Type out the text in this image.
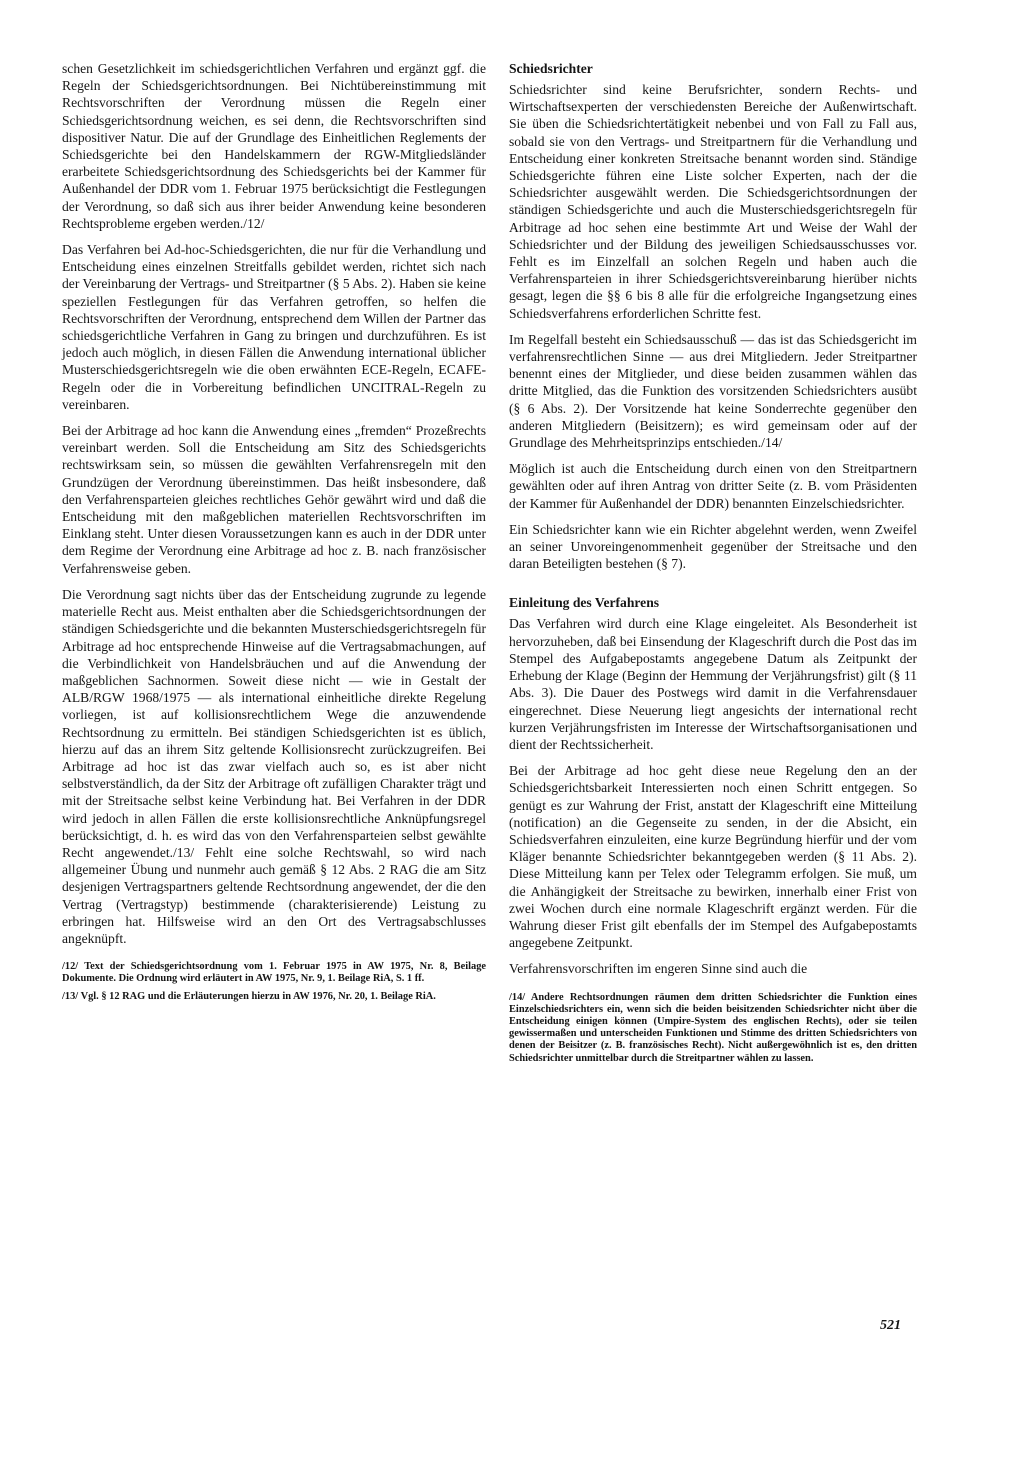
schen Gesetzlichkeit im schiedsgerichtlichen Verfahren und ergänzt ggf. die Regeln der Schiedsgerichtsordnungen. Bei Nichtübereinstimmung mit Rechtsvorschriften der Verordnung müssen die Regeln einer Schiedsgerichtsordnung weichen, es sei denn, die Rechtsvorschriften sind dispositiver Natur. Die auf der Grundlage des Einheitlichen Reglements der Schiedsgerichte bei den Handelskammern der RGW-Mitgliedsländer erarbeitete Schiedsgerichtsordnung des Schiedsgerichts bei der Kammer für Außenhandel der DDR vom 1. Februar 1975 berücksichtigt die Festlegungen der Verordnung, so daß sich aus ihrer beider Anwendung keine besonderen Rechtsprobleme ergeben werden./12/

Das Verfahren bei Ad-hoc-Schiedsgerichten, die nur für die Verhandlung und Entscheidung eines einzelnen Streitfalls gebildet werden, richtet sich nach der Vereinbarung der Vertrags- und Streitpartner (§ 5 Abs. 2). Haben sie keine speziellen Festlegungen für das Verfahren getroffen, so helfen die Rechtsvorschriften der Verordnung, entsprechend dem Willen der Partner das schiedsgerichtliche Verfahren in Gang zu bringen und durchzuführen. Es ist jedoch auch möglich, in diesen Fällen die Anwendung international üblicher Musterschiedsgerichtsregeln wie die oben erwähnten ECE-Regeln, ECAFE-Regeln oder die in Vorbereitung befindlichen UNCITRAL-Regeln zu vereinbaren.

Bei der Arbitrage ad hoc kann die Anwendung eines „fremden“ Prozeßrechts vereinbart werden. Soll die Entscheidung am Sitz des Schiedsgerichts rechtswirksam sein, so müssen die gewählten Verfahrensregeln mit den Grundzügen der Verordnung übereinstimmen. Das heißt insbesondere, daß den Verfahrensparteien gleiches rechtliches Gehör gewährt wird und daß die Entscheidung mit den maßgeblichen materiellen Rechtsvorschriften im Einklang steht. Unter diesen Voraussetzungen kann es auch in der DDR unter dem Regime der Verordnung eine Arbitrage ad hoc z. B. nach französischer Verfahrensweise geben.

Die Verordnung sagt nichts über das der Entscheidung zugrunde zu legende materielle Recht aus. Meist enthalten aber die Schiedsgerichtsordnungen der ständigen Schiedsgerichte und die bekannten Musterschiedsgerichtsregeln für Arbitrage ad hoc entsprechende Hinweise auf die Vertragsabmachungen, auf die Verbindlichkeit von Handelsbräuchen und auf die Anwendung der maßgeblichen Sachnormen. Soweit diese nicht — wie in Gestalt der ALB/RGW 1968/1975 — als international einheitliche direkte Regelung vorliegen, ist auf kollisionsrechtlichem Wege die anzuwendende Rechtsordnung zu ermitteln. Bei ständigen Schiedsgerichten ist es üblich, hierzu auf das an ihrem Sitz geltende Kollisionsrecht zurückzugreifen. Bei Arbitrage ad hoc ist das zwar vielfach auch so, es ist aber nicht selbstverständlich, da der Sitz der Arbitrage oft zufälligen Charakter trägt und mit der Streitsache selbst keine Verbindung hat. Bei Verfahren in der DDR wird jedoch in allen Fällen die erste kollisionsrechtliche Anknüpfungsregel berücksichtigt, d. h. es wird das von den Verfahrensparteien selbst gewählte Recht angewendet./13/ Fehlt eine solche Rechtswahl, so wird nach allgemeiner Übung und nunmehr auch gemäß § 12 Abs. 2 RAG die am Sitz desjenigen Vertragspartners geltende Rechtsordnung angewendet, der die den Vertrag (Vertragstyp) bestimmende (charakterisierende) Leistung zu erbringen hat. Hilfsweise wird an den Ort des Vertragsabschlusses angeknüpft.

/12/ Text der Schiedsgerichtsordnung vom 1. Februar 1975 in AW 1975, Nr. 8, Beilage Dokumente. Die Ordnung wird erläutert in AW 1975, Nr. 9, 1. Beilage RiA, S. 1 ff.

/13/ Vgl. § 12 RAG und die Erläuterungen hierzu in AW 1976, Nr. 20, 1. Beilage RiA.

Schiedsrichter

Schiedsrichter sind keine Berufsrichter, sondern Rechts- und Wirtschaftsexperten der verschiedensten Bereiche der Außenwirtschaft. Sie üben die Schiedsrichtertätigkeit nebenbei und von Fall zu Fall aus, sobald sie von den Vertrags- und Streitpartnern für die Verhandlung und Entscheidung einer konkreten Streitsache benannt worden sind. Ständige Schiedsgerichte führen eine Liste solcher Experten, nach der die Schiedsrichter ausgewählt werden. Die Schiedsgerichtsordnungen der ständigen Schiedsgerichte und auch die Musterschiedsgerichtsregeln für Arbitrage ad hoc sehen eine bestimmte Art und Weise der Wahl der Schiedsrichter und der Bildung des jeweiligen Schiedsausschusses vor. Fehlt es im Einzelfall an solchen Regeln und haben auch die Verfahrensparteien in ihrer Schiedsgerichtsvereinbarung hierüber nichts gesagt, legen die §§ 6 bis 8 alle für die erfolgreiche Ingangsetzung eines Schiedsverfahrens erforderlichen Schritte fest.

Im Regelfall besteht ein Schiedsausschuß — das ist das Schiedsgericht im verfahrensrechtlichen Sinne — aus drei Mitgliedern. Jeder Streitpartner benennt eines der Mitglieder, und diese beiden zusammen wählen das dritte Mitglied, das die Funktion des vorsitzenden Schiedsrichters ausübt (§ 6 Abs. 2). Der Vorsitzende hat keine Sonderrechte gegenüber den anderen Mitgliedern (Beisitzern); es wird gemeinsam oder auf der Grundlage des Mehrheitsprinzips entschieden./14/

Möglich ist auch die Entscheidung durch einen von den Streitpartnern gewählten oder auf ihren Antrag von dritter Seite (z. B. vom Präsidenten der Kammer für Außenhandel der DDR) benannten Einzelschiedsrichter.

Ein Schiedsrichter kann wie ein Richter abgelehnt werden, wenn Zweifel an seiner Unvoreingenommenheit gegenüber der Streitsache und den daran Beteiligten bestehen (§ 7).

Einleitung des Verfahrens

Das Verfahren wird durch eine Klage eingeleitet. Als Besonderheit ist hervorzuheben, daß bei Einsendung der Klageschrift durch die Post das im Stempel des Aufgabepostamts angegebene Datum als Zeitpunkt der Erhebung der Klage (Beginn der Hemmung der Verjährungsfrist) gilt (§ 11 Abs. 3). Die Dauer des Postwegs wird damit in die Verfahrensdauer eingerechnet. Diese Neuerung liegt angesichts der international recht kurzen Verjährungsfristen im Interesse der Wirtschaftsorganisationen und dient der Rechtssicherheit.

Bei der Arbitrage ad hoc geht diese neue Regelung den an der Schiedsgerichtsbarkeit Interessierten noch einen Schritt entgegen. So genügt es zur Wahrung der Frist, anstatt der Klageschrift eine Mitteilung (notification) an die Gegenseite zu senden, in der die Absicht, ein Schiedsverfahren einzuleiten, eine kurze Begründung hierfür und der vom Kläger benannte Schiedsrichter bekanntgegeben werden (§ 11 Abs. 2). Diese Mitteilung kann per Telex oder Telegramm erfolgen. Sie muß, um die Anhängigkeit der Streitsache zu bewirken, innerhalb einer Frist von zwei Wochen durch eine normale Klageschrift ergänzt werden. Für die Wahrung dieser Frist gilt ebenfalls der im Stempel des Aufgabepostamts angegebene Zeitpunkt.

Verfahrensvorschriften im engeren Sinne sind auch die

/14/ Andere Rechtsordnungen räumen dem dritten Schiedsrichter die Funktion eines Einzelschiedsrichters ein, wenn sich die beiden beisitzenden Schiedsrichter nicht über die Entscheidung einigen können (Umpire-System des englischen Rechts), oder sie teilen gewissermaßen und unterscheiden Funktionen und Stimme des dritten Schiedsrichters von denen der Beisitzer (z. B. französisches Recht). Nicht außergewöhnlich ist es, den dritten Schiedsrichter unmittelbar durch die Streitpartner wählen zu lassen.

521
